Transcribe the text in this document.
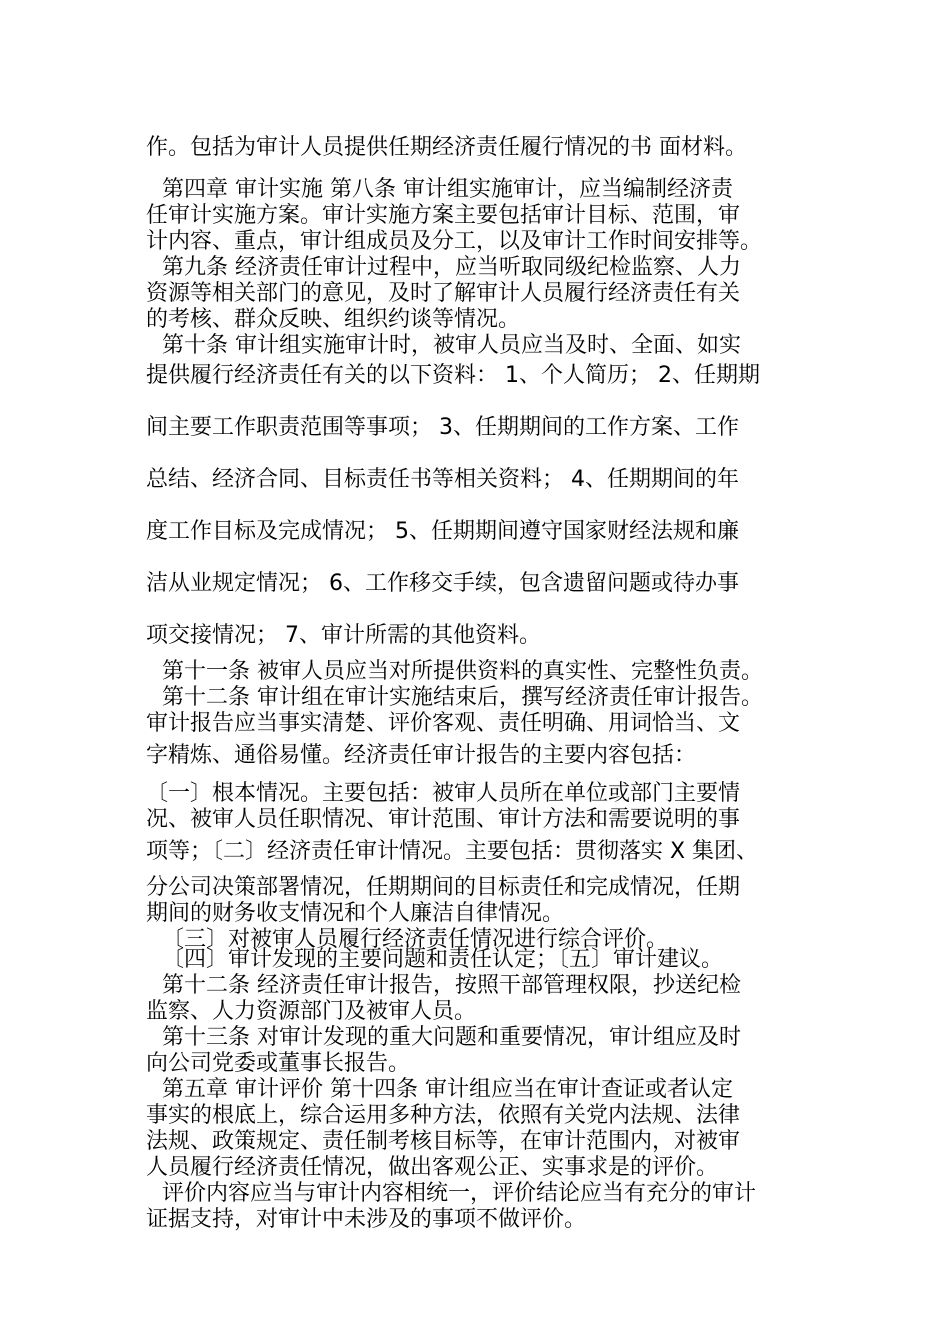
作。包括为审计人员提供任期经济责任履行情况的书 面材料。
第四章 审计实施 第八条 审计组实施审计，应当编制经济责
任审计实施方案。审计实施方案主要包括审计目标、范围，审
计内容、重点，审计组成员及分工，以及审计工作时间安排等。
第九条 经济责任审计过程中，应当听取同级纪检监察、人力
资源等相关部门的意见，及时了解审计人员履行经济责任有关
的考核、群众反映、组织约谈等情况。
第十条 审计组实施审计时，被审人员应当及时、全面、如实
提供履行经济责任有关的以下资料： 1、个人简历； 2、任期期
间主要工作职责范围等事项； 3、任期期间的工作方案、工作
总结、经济合同、目标责任书等相关资料； 4、任期期间的年
度工作目标及完成情况； 5、任期期间遵守国家财经法规和廉
洁从业规定情况； 6、工作移交手续，包含遗留问题或待办事
项交接情况； 7、审计所需的其他资料。
第十一条 被审人员应当对所提供资料的真实性、完整性负责。
第十二条 审计组在审计实施结束后，撰写经济责任审计报告。
审计报告应当事实清楚、评价客观、责任明确、用词恰当、文
字精炼、通俗易懂。经济责任审计报告的主要内容包括：
〔一〕根本情况。主要包括：被审人员所在单位或部门主要情
况、被审人员任职情况、审计范围、审计方法和需要说明的事
项等；〔二〕经济责任审计情况。主要包括：贯彻落实 X 集团、
分公司决策部署情况，任期期间的目标责任和完成情况，任期
期间的财务收支情况和个人廉洁自律情况。
〔三〕对被审人员履行经济责任情况进行综合评价。
〔四〕审计发现的主要问题和责任认定；〔五〕审计建议。
第十二条 经济责任审计报告，按照干部管理权限，抄送纪检
监察、人力资源部门及被审人员。
第十三条 对审计发现的重大问题和重要情况，审计组应及时
向公司党委或董事长报告。
第五章 审计评价 第十四条 审计组应当在审计查证或者认定
事实的根底上，综合运用多种方法，依照有关党内法规、法律
法规、政策规定、责任制考核目标等，在审计范围内，对被审
人员履行经济责任情况，做出客观公正、实事求是的评价。
评价内容应当与审计内容相统一，评价结论应当有充分的审计
证据支持，对审计中未涉及的事项不做评价。
